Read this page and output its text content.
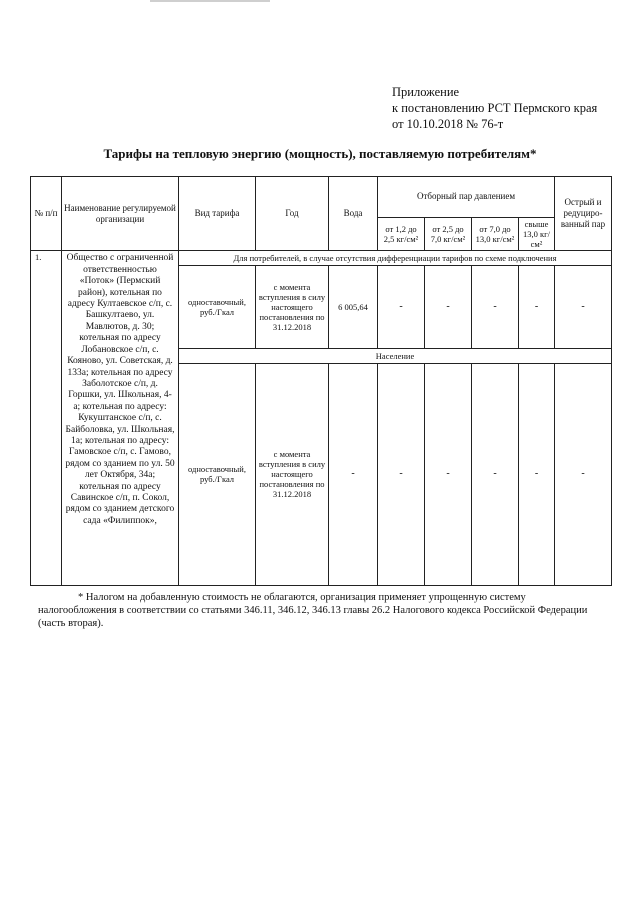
Приложение
к постановлению РСТ Пермского края
от 10.10.2018 № 76-т
Тарифы на тепловую энергию (мощность), поставляемую потребителям*
№ п/п	Наименование регулируемой организации	Вид тарифа	Год	Вода	Отборный пар давлением				Острый и редуциро-ванный пар
					от 1,2 до 2,5 кг/см²	от 2,5 до 7,0 кг/см²	от 7,0 до 13,0 кг/см²	свыше 13,0 кг/см²	
1.	Общество с ограниченной ответственностью «Поток» (Пермский район), котельная по адресу Култаевское с/п, с. Башкултаево, ул. Мавлютов, д. 30; котельная по адресу Лобановское с/п, с. Кояново, ул. Советская, д. 133а; котельная по адресу Заболотское с/п, д. Горшки, ул. Школьная, 4-а; котельная по адресу: Кукуштанское с/п, с. Байболовка, ул. Школьная, 1а; котельная по адресу: Гамовское с/п, с. Гамово, рядом со зданием по ул. 50 лет Октября, 34а; котельная по адресу Савинское с/п, п. Сокол, рядом со зданием детского сада «Филиппок»,	Для потребителей, в случае отсутствия дифференциации тарифов по схеме подключения							
		одноставочный, руб./Гкал	с момента вступления в силу настоящего постановления по 31.12.2018	6 005,64	-	-	-	-	-
		Население							
		одноставочный, руб./Гкал	с момента вступления в силу настоящего постановления по 31.12.2018	-	-	-	-	-	-
* Налогом на добавленную стоимость не облагаются, организация применяет упрощенную систему
налогообложения в соответствии со статьями 346.11, 346.12, 346.13 главы 26.2 Налогового кодекса Российской Федерации
(часть вторая).
